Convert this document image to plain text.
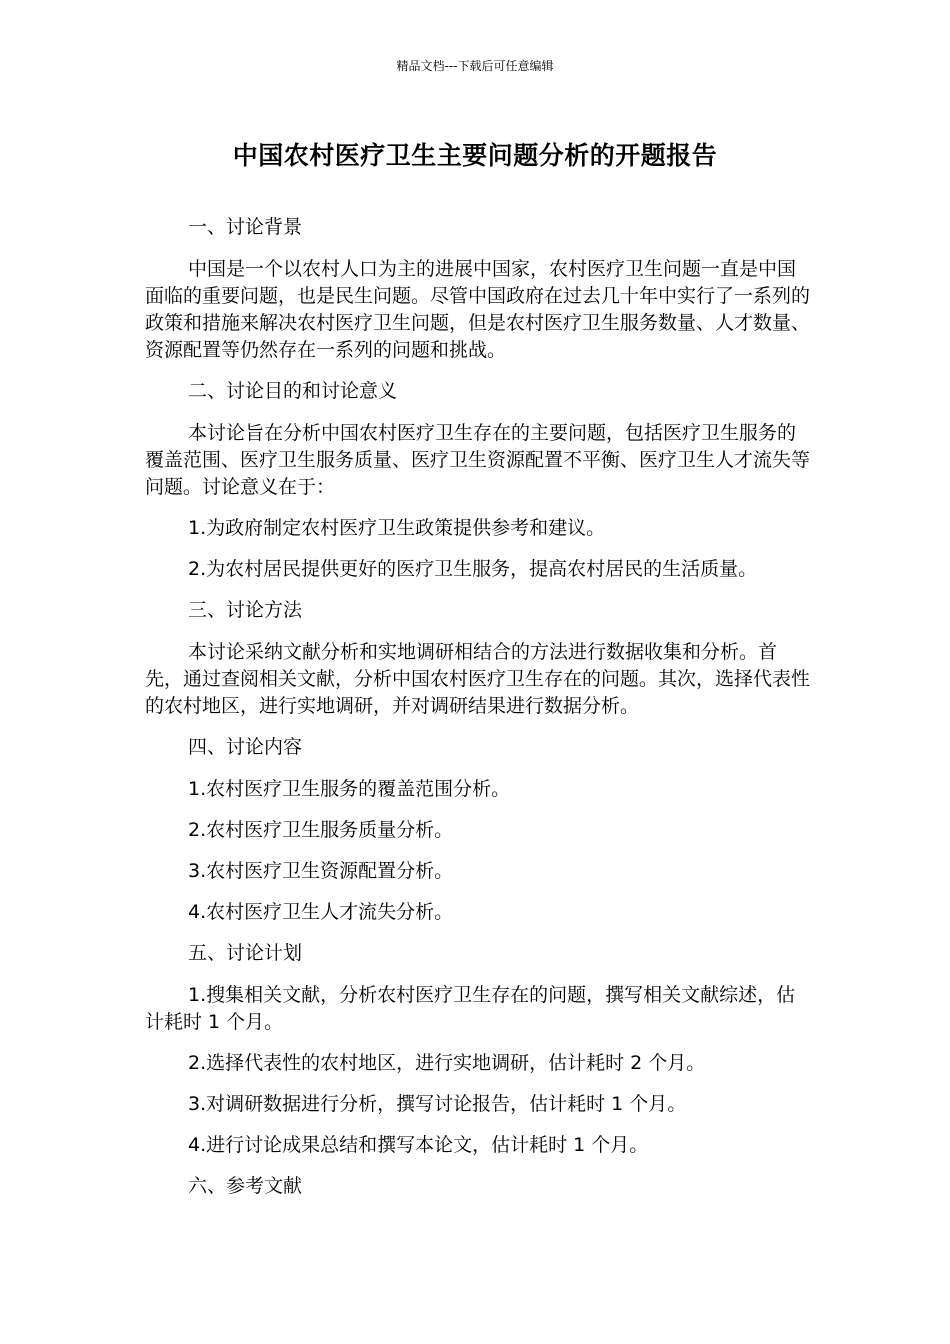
精品文档---下载后可任意编辑
中国农村医疗卫生主要问题分析的开题报告

一、讨论背景

中国是一个以农村人口为主的进展中国家，农村医疗卫生问题一直是中国面临的重要问题，也是民生问题。尽管中国政府在过去几十年中实行了一系列的政策和措施来解决农村医疗卫生问题，但是农村医疗卫生服务数量、人才数量、资源配置等仍然存在一系列的问题和挑战。

二、讨论目的和讨论意义

本讨论旨在分析中国农村医疗卫生存在的主要问题，包括医疗卫生服务的覆盖范围、医疗卫生服务质量、医疗卫生资源配置不平衡、医疗卫生人才流失等问题。讨论意义在于：

1.为政府制定农村医疗卫生政策提供参考和建议。

2.为农村居民提供更好的医疗卫生服务，提高农村居民的生活质量。

三、讨论方法

本讨论采纳文献分析和实地调研相结合的方法进行数据收集和分析。首先，通过查阅相关文献，分析中国农村医疗卫生存在的问题。其次，选择代表性的农村地区，进行实地调研，并对调研结果进行数据分析。

四、讨论内容

1.农村医疗卫生服务的覆盖范围分析。

2.农村医疗卫生服务质量分析。

3.农村医疗卫生资源配置分析。

4.农村医疗卫生人才流失分析。

五、讨论计划

1.搜集相关文献，分析农村医疗卫生存在的问题，撰写相关文献综述，估计耗时 1 个月。

2.选择代表性的农村地区，进行实地调研，估计耗时 2 个月。

3.对调研数据进行分析，撰写讨论报告，估计耗时 1 个月。

4.进行讨论成果总结和撰写本论文，估计耗时 1 个月。

六、参考文献
